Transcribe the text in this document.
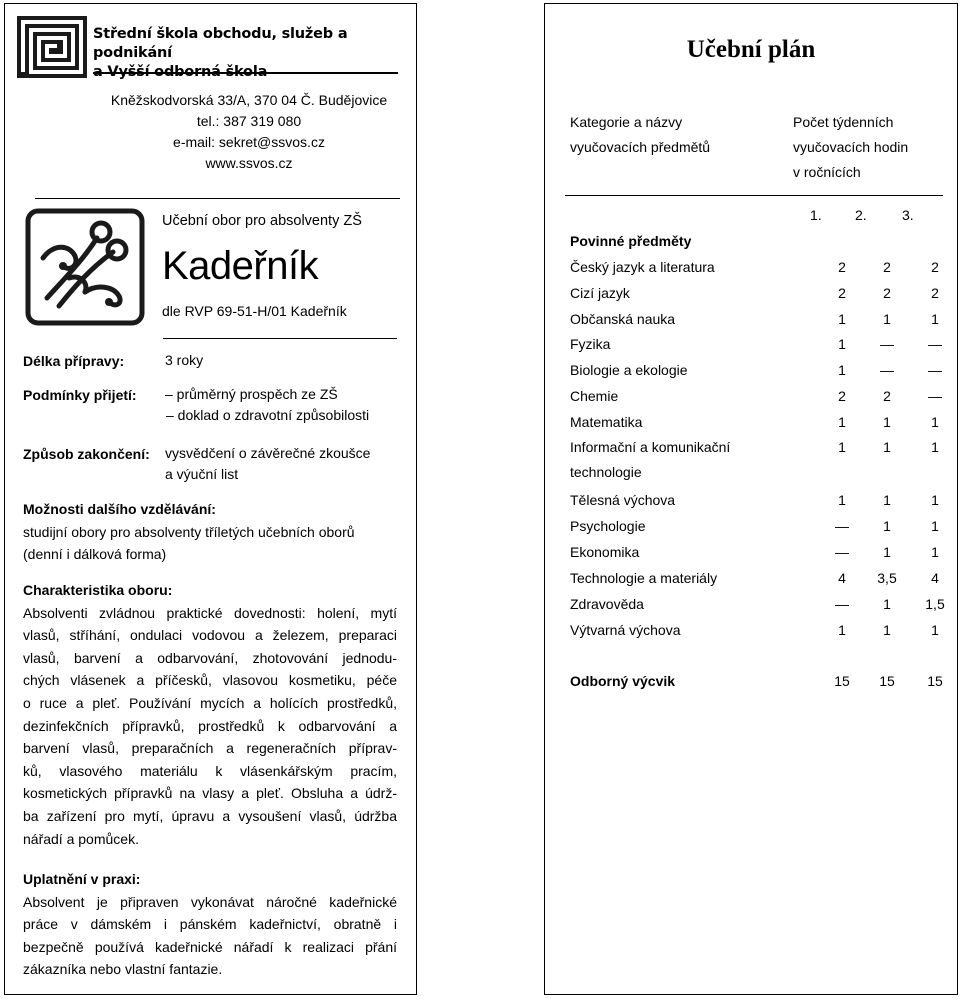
Střední škola obchodu, služeb a podnikání
a Vyšší odborná škola
Kněžskodvorská 33/A, 370 04 Č. Budějovice
tel.: 387 319 080
e-mail: sekret@ssvos.cz
www.ssvos.cz
Učební obor pro absolventy ZŠ
Kadeřník
dle RVP 69-51-H/01 Kadeřník
Délka přípravy:	3 roky
Podmínky přijetí: – průměrný prospěch ze ZŠ
– doklad o zdravotní způsobilosti
Způsob zakončení: vysvědčení o závěrečné zkoušce
a výuční list
Možnosti dalšího vzdělávání:

studijní obory pro absolventy tříletých učebních oborů

(denní i dálková forma)

Charakteristika oboru:

Absolventi zvládnou praktické dovednosti: holení, mytí

vlasů, stříhání, ondulaci vodovou a železem, preparaci

vlasů, barvení a odbarvování, zhotovování jednodu-

chých vlásenek a příčesků, vlasovou kosmetiku, péče

o ruce a pleť. Používání mycích a holících prostředků,

dezinfekčních přípravků, prostředků k odbarvování a

barvení vlasů, preparačních a regeneračních příprav-

ků, vlasového materiálu k vlásenkářským pracím,

kosmetických přípravků na vlasy a pleť. Obsluha a údrž-

ba zařízení pro mytí, úpravu a vysoušení vlasů, údržba

nářadí a pomůcek.

Uplatnění v praxi:

Absolvent je připraven vykonávat náročné kadeřnické

práce v dámském i pánském kadeřnictví, obratně i

bezpečně používá kadeřnické nářadí k realizaci přání

zákazníka nebo vlastní fantazie.

Učební plán
Kategorie a názvy
vyučovacích předmětů
Počet týdenních
vyučovacích hodin
v ročnících
1. 2.	3.
Povinné předměty
Český jazyk a literatura	2	2	2
Cizí jazyk	2	2	2
Občanská nauka	1	1	1
Fyzika	1	—	—
Biologie a ekologie	1	—	—
Chemie	2	2	—
Matematika	1	1	1
Informační a komunikační
technologie
1	1	1
Tělesná výchova	1	1	1
Psychologie	—	1	1
Ekonomika	—	1	1
Technologie a materiály	4	3,5	4
Zdravověda	—	1	1,5
Výtvarná výchova	1	1	1
Odborný výcvik	15	15	15
